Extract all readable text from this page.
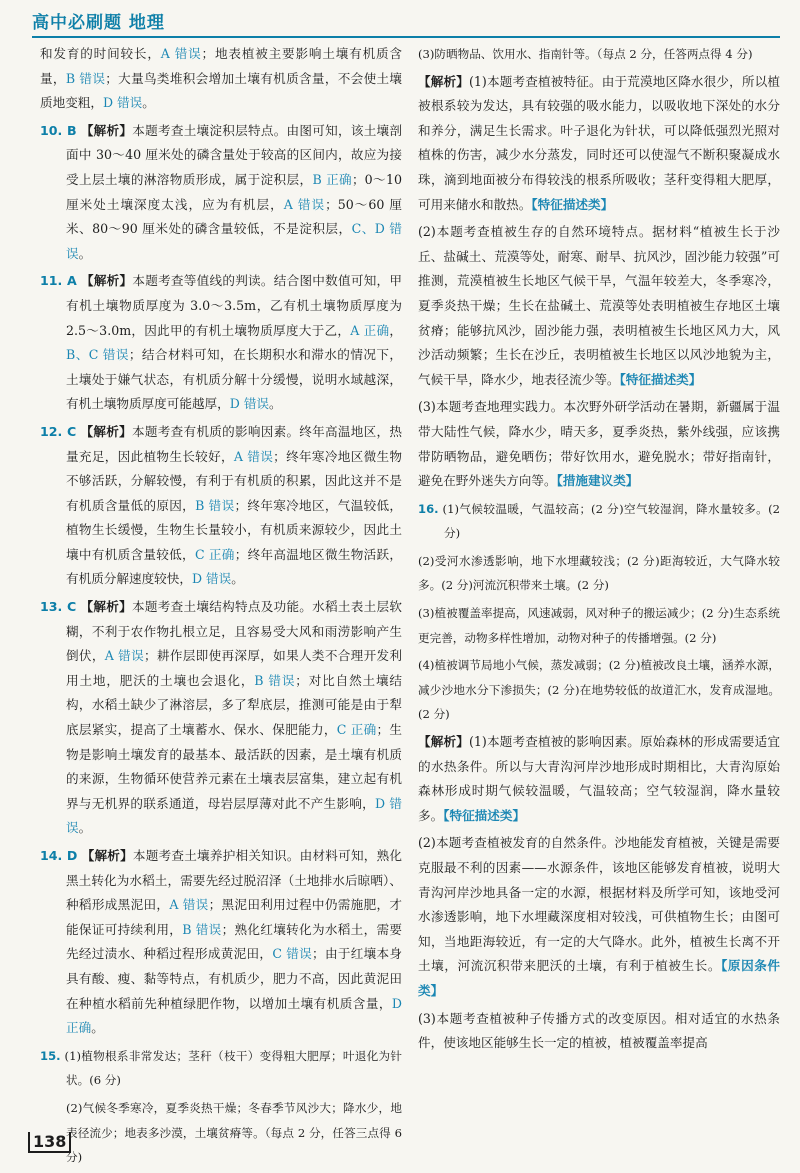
高中必刷题 地理

和发育的时间较长，A 错误；地表植被主要影响土壤有机质含量，B 错误；大量鸟类堆积会增加土壤有机质含量，不会使土壤质地变粗，D 错误。

10. B 【解析】本题考查土壤淀积层特点。由图可知，该土壤剖面中 30～40 厘米处的磷含量处于较高的区间内，故应为接受上层土壤的淋溶物质形成，属于淀积层，B 正确；0～10 厘米处土壤深度太浅，应为有机层，A 错误；50～60 厘米、80～90 厘米处的磷含量较低，不是淀积层，C、D 错误。

11. A 【解析】本题考查等值线的判读。结合图中数值可知，甲有机土壤物质厚度为 3.0～3.5m，乙有机土壤物质厚度为 2.5～3.0m，因此甲的有机土壤物质厚度大于乙，A 正确，B、C 错误；结合材料可知，在长期积水和滞水的情况下，土壤处于嫌气状态，有机质分解十分缓慢，说明水域越深，有机土壤物质厚度可能越厚，D 错误。

12. C 【解析】本题考查有机质的影响因素。终年高温地区，热量充足，因此植物生长较好，A 错误；终年寒冷地区微生物不够活跃，分解较慢，有利于有机质的积累，因此这并不是有机质含量低的原因，B 错误；终年寒冷地区，气温较低，植物生长缓慢，生物生长量较小，有机质来源较少，因此土壤中有机质含量较低，C 正确；终年高温地区微生物活跃，有机质分解速度较快，D 错误。

13. C 【解析】本题考查土壤结构特点及功能。水稻土表土层软糊，不利于农作物扎根立足，且容易受大风和雨涝影响产生倒伏，A 错误；耕作层即使再深厚，如果人类不合理开发利用土地，肥沃的土壤也会退化，B 错误；对比自然土壤结构，水稻土缺少了淋溶层，多了犁底层，推测可能是由于犁底层紧实，提高了土壤蓄水、保水、保肥能力，C 正确；生物是影响土壤发育的最基本、最活跃的因素，是土壤有机质的来源，生物循环使营养元素在土壤表层富集，建立起有机界与无机界的联系通道，母岩层厚薄对此不产生影响，D 错误。

14. D 【解析】本题考查土壤养护相关知识。由材料可知，熟化黑土转化为水稻土，需要先经过脱沼泽（土地排水后晾晒）、种稻形成黑泥田，A 错误；黑泥田利用过程中仍需施肥，才能保证可持续利用，B 错误；熟化红壤转化为水稻土，需要先经过渍水、种稻过程形成黄泥田，C 错误；由于红壤本身具有酸、瘦、黏等特点，有机质少，肥力不高，因此黄泥田在种植水稻前先种植绿肥作物，以增加土壤有机质含量，D 正确。

15. (1)植物根系非常发达；茎秆（枝干）变得粗大肥厚；叶退化为针状。(6 分)

(2)气候冬季寒冷，夏季炎热干燥；冬春季节风沙大；降水少，地表径流少；地表多沙漠，土壤贫瘠等。（每点 2 分，任答三点得 6 分)

(3)防晒物品、饮用水、指南针等。（每点 2 分，任答两点得 4 分)

【解析】(1)本题考查植被特征。由于荒漠地区降水很少，所以植被根系较为发达，具有较强的吸水能力，以吸收地下深处的水分和养分，满足生长需求。叶子退化为针状，可以降低强烈光照对植株的伤害，减少水分蒸发，同时还可以使湿气不断积聚凝成水珠，滴到地面被分布得较浅的根系所吸收；茎秆变得粗大肥厚，可用来储水和散热。【特征描述类】

(2)本题考查植被生存的自然环境特点。据材料“植被生长于沙丘、盐碱土、荒漠等处，耐寒、耐旱、抗风沙，固沙能力较强”可推测，荒漠植被生长地区气候干旱，气温年较差大，冬季寒冷，夏季炎热干燥；生长在盐碱土、荒漠等处表明植被生存地区土壤贫瘠；能够抗风沙，固沙能力强，表明植被生长地区风力大，风沙活动频繁；生长在沙丘，表明植被生长地区以风沙地貌为主，气候干旱，降水少，地表径流少等。【特征描述类】

(3)本题考查地理实践力。本次野外研学活动在暑期，新疆属于温带大陆性气候，降水少，晴天多，夏季炎热，紫外线强，应该携带防晒物品，避免晒伤；带好饮用水，避免脱水；带好指南针，避免在野外迷失方向等。【措施建议类】

16. (1)气候较温暖，气温较高；(2 分)空气较湿润，降水量较多。(2 分)

(2)受河水渗透影响，地下水埋藏较浅；(2 分)距海较近，大气降水较多。(2 分)河流沉积带来土壤。(2 分)

(3)植被覆盖率提高，风速减弱，风对种子的搬运减少；(2 分)生态系统更完善，动物多样性增加，动物对种子的传播增强。(2 分)

(4)植被调节局地小气候，蒸发减弱；(2 分)植被改良土壤，涵养水源，减少沙地水分下渗损失；(2 分)在地势较低的故道汇水，发育成湿地。(2 分)

【解析】(1)本题考查植被的影响因素。原始森林的形成需要适宜的水热条件。所以与大青沟河岸沙地形成时期相比，大青沟原始森林形成时期气候较温暖，气温较高；空气较湿润，降水量较多。【特征描述类】

(2)本题考查植被发育的自然条件。沙地能发育植被，关键是需要克服最不利的因素——水源条件，该地区能够发育植被，说明大青沟河岸沙地具备一定的水源，根据材料及所学可知，该地受河水渗透影响，地下水埋藏深度相对较浅，可供植物生长；由图可知，当地距海较近，有一定的大气降水。此外，植被生长离不开土壤，河流沉积带来肥沃的土壤，有利于植被生长。【原因条件类】

(3)本题考查植被种子传播方式的改变原因。相对适宜的水热条件，使该地区能够生长一定的植被，植被覆盖率提高

138
